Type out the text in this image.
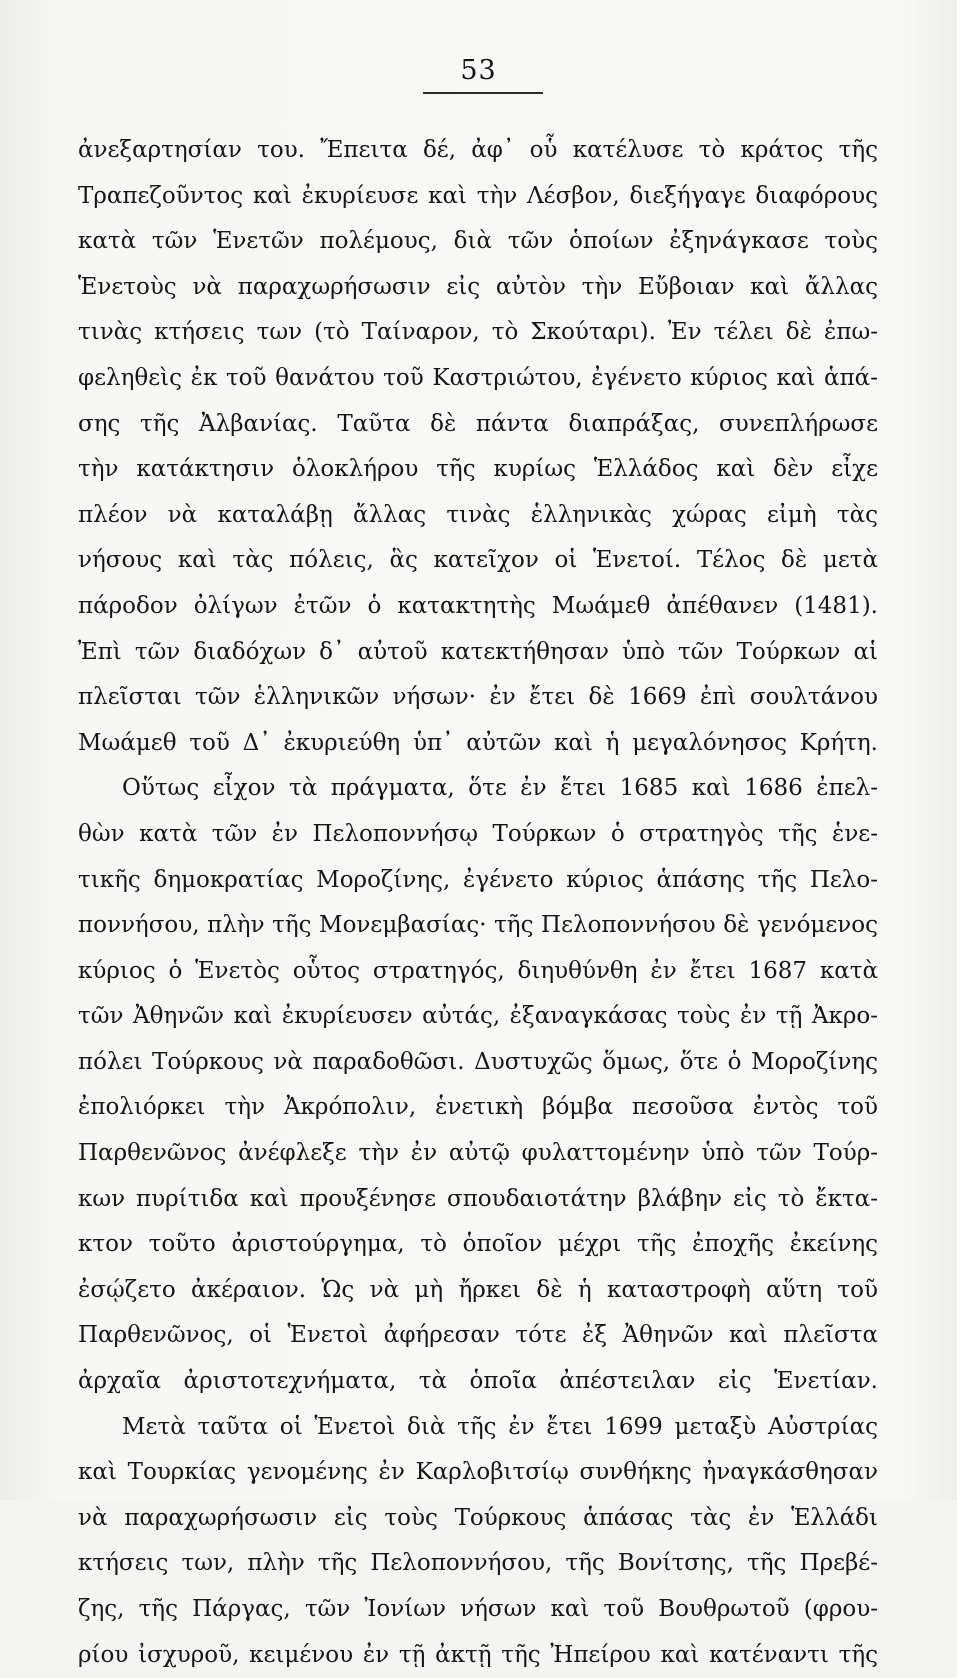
53
ἀνεξαρτησίαν του. Ἔπειτα δέ, ἀφ᾽ οὗ κατέλυσε τὸ κράτος τῆς
Τραπεζοῦντος καὶ ἐκυρίευσε καὶ τὴν Λέσβον, διεξήγαγε διαφόρους
κατὰ τῶν Ἑνετῶν πολέμους, διὰ τῶν ὁποίων ἐξηνάγκασε τοὺς
Ἑνετοὺς νὰ παραχωρήσωσιν εἰς αὐτὸν τὴν Εὔβοιαν καὶ ἄλλας
τινὰς κτήσεις των (τὸ Ταίναρον, τὸ Σκούταρι). Ἐν τέλει δὲ ἐπω-
φεληθεὶς ἐκ τοῦ θανάτου τοῦ Καστριώτου, ἐγένετο κύριος καὶ ἁπά-
σης τῆς Ἀλβανίας. Ταῦτα δὲ πάντα διαπράξας, συνεπλήρωσε
τὴν κατάκτησιν ὁλοκλήρου τῆς κυρίως Ἑλλάδος καὶ δὲν εἶχε
πλέον νὰ καταλάβῃ ἄλλας τινὰς ἑλληνικὰς χώρας εἰμὴ τὰς
νήσους καὶ τὰς πόλεις, ἃς κατεῖχον οἱ Ἑνετοί. Τέλος δὲ μετὰ
πάροδον ὀλίγων ἐτῶν ὁ κατακτητὴς Μωάμεθ ἀπέθανεν (1481).
Ἐπὶ τῶν διαδόχων δ᾽ αὐτοῦ κατεκτήθησαν ὑπὸ τῶν Τούρκων αἱ
πλεῖσται τῶν ἑλληνικῶν νήσων· ἐν ἔτει δὲ 1669 ἐπὶ σουλτάνου
Μωάμεθ τοῦ Δ᾽ ἐκυριεύθη ὑπ᾽ αὐτῶν καὶ ἡ μεγαλόνησος Κρήτη.
Οὕτως εἶχον τὰ πράγματα, ὅτε ἐν ἔτει 1685 καὶ 1686 ἐπελ-
θὼν κατὰ τῶν ἐν Πελοποννήσῳ Τούρκων ὁ στρατηγὸς τῆς ἑνε-
τικῆς δημοκρατίας Μοροζίνης, ἐγένετο κύριος ἁπάσης τῆς Πελο-
ποννήσου, πλὴν τῆς Μονεμβασίας· τῆς Πελοποννήσου δὲ γενόμενος
κύριος ὁ Ἑνετὸς οὗτος στρατηγός, διηυθύνθη ἐν ἔτει 1687 κατὰ
τῶν Ἀθηνῶν καὶ ἐκυρίευσεν αὐτάς, ἐξαναγκάσας τοὺς ἐν τῇ Ἀκρο-
πόλει Τούρκους νὰ παραδοθῶσι. Δυστυχῶς ὅμως, ὅτε ὁ Μοροζίνης
ἐπολιόρκει τὴν Ἀκρόπολιν, ἑνετικὴ βόμβα πεσοῦσα ἐντὸς τοῦ
Παρθενῶνος ἀνέφλεξε τὴν ἐν αὐτῷ φυλαττομένην ὑπὸ τῶν Τούρ-
κων πυρίτιδα καὶ προυξένησε σπουδαιοτάτην βλάβην εἰς τὸ ἔκτα-
κτον τοῦτο ἀριστούργημα, τὸ ὁποῖον μέχρι τῆς ἐποχῆς ἐκείνης
ἐσῴζετο ἀκέραιον. Ὡς νὰ μὴ ἤρκει δὲ ἡ καταστροφὴ αὕτη τοῦ
Παρθενῶνος, οἱ Ἑνετοὶ ἀφήρεσαν τότε ἐξ Ἀθηνῶν καὶ πλεῖστα
ἀρχαῖα ἀριστοτεχνήματα, τὰ ὁποῖα ἀπέστειλαν εἰς Ἑνετίαν.
Μετὰ ταῦτα οἱ Ἑνετοὶ διὰ τῆς ἐν ἔτει 1699 μεταξὺ Αὐστρίας
καὶ Τουρκίας γενομένης ἐν Καρλοβιτσίῳ συνθήκης ἠναγκάσθησαν
νὰ παραχωρήσωσιν εἰς τοὺς Τούρκους ἁπάσας τὰς ἐν Ἑλλάδι
κτήσεις των, πλὴν τῆς Πελοποννήσου, τῆς Βονίτσης, τῆς Πρεβέ-
ζης, τῆς Πάργας, τῶν Ἰονίων νήσων καὶ τοῦ Βουθρωτοῦ (φρου-
ρίου ἰσχυροῦ, κειμένου ἐν τῇ ἀκτῇ τῆς Ἠπείρου καὶ κατέναντι τῆς
